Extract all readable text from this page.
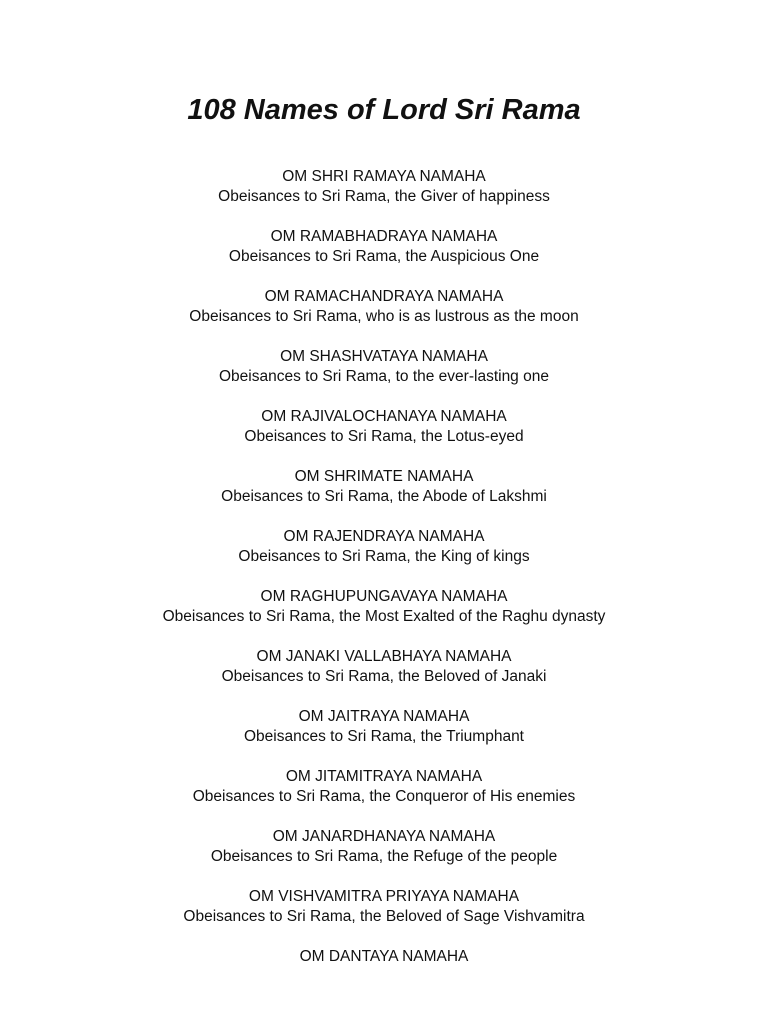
108 Names of Lord Sri Rama
OM SHRI RAMAYA NAMAHA
Obeisances to Sri Rama, the Giver of happiness
OM RAMABHADRAYA NAMAHA
Obeisances to Sri Rama, the Auspicious One
OM RAMACHANDRAYA NAMAHA
Obeisances to Sri Rama, who is as lustrous as the moon
OM SHASHVATAYA NAMAHA
Obeisances to Sri Rama, to the ever-lasting one
OM RAJIVALOCHANAYA NAMAHA
Obeisances to Sri Rama, the Lotus-eyed
OM SHRIMATE NAMAHA
Obeisances to Sri Rama, the Abode of Lakshmi
OM RAJENDRAYA NAMAHA
Obeisances to Sri Rama, the King of kings
OM RAGHUPUNGAVAYA NAMAHA
Obeisances to Sri Rama, the Most Exalted of the Raghu dynasty
OM JANAKI VALLABHAYA NAMAHA
Obeisances to Sri Rama, the Beloved of Janaki
OM JAITRAYA NAMAHA
Obeisances to Sri Rama, the Triumphant
OM JITAMITRAYA NAMAHA
Obeisances to Sri Rama, the Conqueror of His enemies
OM JANARDHANAYA NAMAHA
Obeisances to Sri Rama, the Refuge of the people
OM VISHVAMITRA PRIYAYA NAMAHA
Obeisances to Sri Rama, the Beloved of Sage Vishvamitra
OM DANTAYA NAMAHA
